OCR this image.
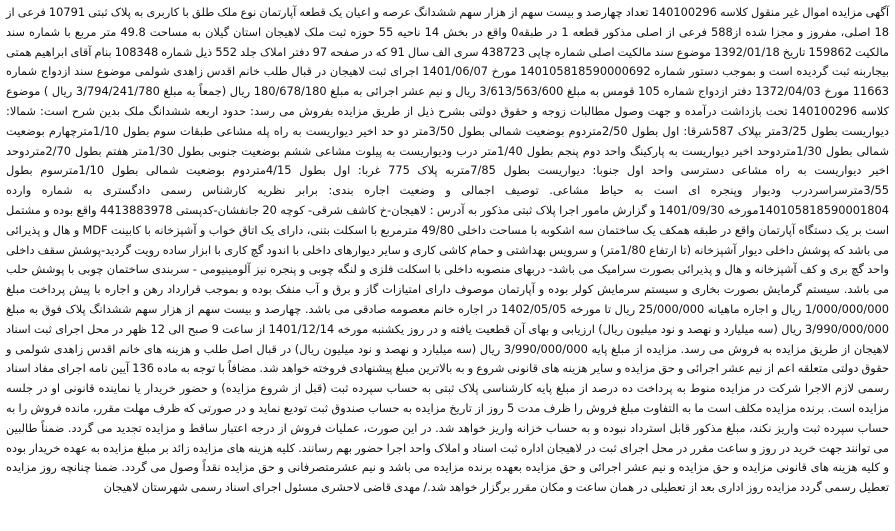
آگهی مزایده اموال غیر منقول کلاسه 140100296 تعداد چهارصد و بیست سهم از هزار سهم ششدانگ عرصه و اعیان یک قطعه آپارتمان نوع ملک طلق با کاربری به پلاک ثبتی 10791 فرعی از 18 اصلی، مفروز و مجزا شده از588 فرعی از اصلی مذکور قطعه 1 در طبقه0 واقع در بخش 14 ناحیه 55 حوزه ثبت ملک لاهیجان استان گیلان به مساحت 49.8 متر مربع با شماره سند مالکیت 159862 تاریخ 1392/01/18 موضوع سند مالکیت اصلی شماره چاپی 438723 سری الف سال 91 که در صفحه 97 دفتر املاک جلد 552 ذیل شماره 108348 بنام آقای ابراهیم همتی بیجاربنه ثبت گردیده است و بموجب دستور شماره 140105818590000692 مورخ 1401/06/07 اجرای ثبت لاهیجان در قبال طلب خانم اقدس زاهدی شولمی موضوع سند ازدواج شماره 11663 مورخ 1372/04/03 دفتر ازدواج شماره 105 قومس به مبلغ 3/613/563/600 ریال و نیم عشر اجرائی به مبلغ 180/678/180 ریال (جمعاً به مبلغ 3/794/241/780 ریال ) موضوع کلاسه 140100296 تحت بازداشت درآمده و جهت وصول مطالبات زوجه و حقوق دولتی بشرح ذیل از طریق مزایده بفروش می رسد: حدود اربعه ششدانگ ملک بدین شرح است: شمالا: دیواریست بطول 3/25متر بپلاک 587شرقا: اول بطول 2/50متردوم بوضعیت شمالی بطول 3/50متر دو حد اخیر دیواریست به راه پله مشاعی طبقات سوم بطول 1/10مترچهارم بوضعیت شمالی بطول 1/30متردوحد اخیر دیواریست به پارکینگ واحد دوم پنجم بطول 1/40متر درب ودیواریست به پیلوت مشاعی ششم بوضعیت جنوبی بطول 1/30متر هفتم بطول 2/70متردوحد اخیر دیواریست به راه مشاعی دسترسی واحد اول جنوبا: دیواریست بطول 7/85متربه پلاک 775 غربا: اول بطول 4/15متردوم بوضعیت شمالی بطول 1/10مترسوم بطول 3/55مترسراسردرب ودیوار وپنجره ای است به حیاط مشاعی. توصیف اجمالی و وضعیت اجاره بندی: برابر نظریه کارشناس رسمی دادگستری به شماره وارده 140105818590001804مورخه 1401/09/30 و گزارش مامور اجرا پلاک ثبتی مذکور به آدرس : لاهیجان-خ کاشف شرقی- کوچه 20 جانفشان-کدپستی 4413883978 واقع بوده و مشتمل است بر یک دستگاه آپارتمان واقع در طبقه همکف یک ساختمان سه اشکوبه با مساحت داخلی 49/80 مترمربع با اسکلت بتنی، دارای یک اتاق خواب و آشپزخانه با کابینت MDF و هال و پذیرائی می باشد که پوشش داخلی دیوار آشپزخانه (تا ارتفاع 1/80متر) و سرویس بهداشتی و حمام کاشی کاری و سایر دیوارهای داخلی با اندود گچ کاری با ابزار ساده رویت گردید-پوشش سقف داخلی واحد گچ بری و کف آشپزخانه و هال و پذیرائی بصورت سرامیک می باشد- دربهای منصوبه داخلی با اسکلت فلزی و لنگه چوبی و پنجره نیز آلومینیومی - سربندی ساختمان چوبی با پوشش حلب می باشد. سیستم گرمایش بصورت بخاری و سیستم سرمایش کولر بوده و آپارتمان موصوف دارای امتیازات گاز و برق و آب منفک بوده و بموجب قرارداد رهن و اجاره با پیش پرداخت مبلغ 1/000/000/000 ریال و اجاره ماهیانه 25/000/000 ریال تا مورخه 1402/05/05 در اجاره خانم معصومه صادقی می باشد. چهارصد و بیست سهم از هزار سهم ششدانگ پلاک فوق به مبلغ 3/990/000/000 ریال (سه میلیارد و نهصد و نود میلیون ریال) ارزیابی و بهای آن قطعیت یافته و در روز یکشنبه مورخه 1401/12/14 از ساعت 9 صبح الی 12 ظهر در محل اجرای ثبت اسناد لاهیجان از طریق مزایده به فروش می رسد. مزایده از مبلغ پایه 3/990/000/000 ریال (سه میلیارد و نهصد و نود میلیون ریال) در قبال اصل طلب و هزینه های خانم اقدس زاهدی شولمی و حقوق دولتی متعلقه اعم از نیم عشر اجرائی و حق مزایده و سایر هزینه های قانونی شروع و به بالاترین مبلغ پیشنهادی فروخته خواهد شد. مضافاً با توجه به ماده 136 آیین نامه اجرای مفاد اسناد رسمی لازم الاجرا شرکت در مزایده منوط به پرداخت ده درصد از مبلغ پایه کارشناسی پلاک ثبتی به حساب سپرده ثبت (قبل از شروع مزایده) و حضور خریدار یا نماینده قانونی او در جلسه مزایده است. برنده مزایده مکلف است ما به التفاوت مبلغ فروش را ظرف مدت 5 روز از تاریخ مزایده به حساب صندوق ثبت تودیع نماید و در صورتی که ظرف مهلت مقرر، مانده فروش را به حساب سپرده ثبت واریز نکند، مبلغ مذکور قابل استرداد نبوده و به حساب خزانه واریز خواهد شد. در این صورت، عملیات فروش از درجه اعتبار ساقط و مزایده تجدید می گردد. ضمناً طالبین می توانند جهت خرید در روز و ساعت مقرر در محل اجرای ثبت در لاهیجان اداره ثبت اسناد و املاک واحد اجرا حضور بهم رسانند. کلیه هزینه های مزایده زائد بر مبلغ مزایده به عهده خریدار بوده و کلیه هزینه های قانونی مزایده و حق مزایده و نیم عشر اجرائی و حق مزایده بعهده برنده مزایده می باشد و نیم عشرمتصرفانی و حق مزایده نقداً وصول می گردد. ضمنا چنانچه روز مزایده تعطیل رسمی گردد مزایده روز اداری بعد از تعطیلی در همان ساعت و مکان مقرر برگزار خواهد شد./ مهدی قاضی لاحشری مسئول اجرای اسناد رسمی شهرستان لاهیجان
